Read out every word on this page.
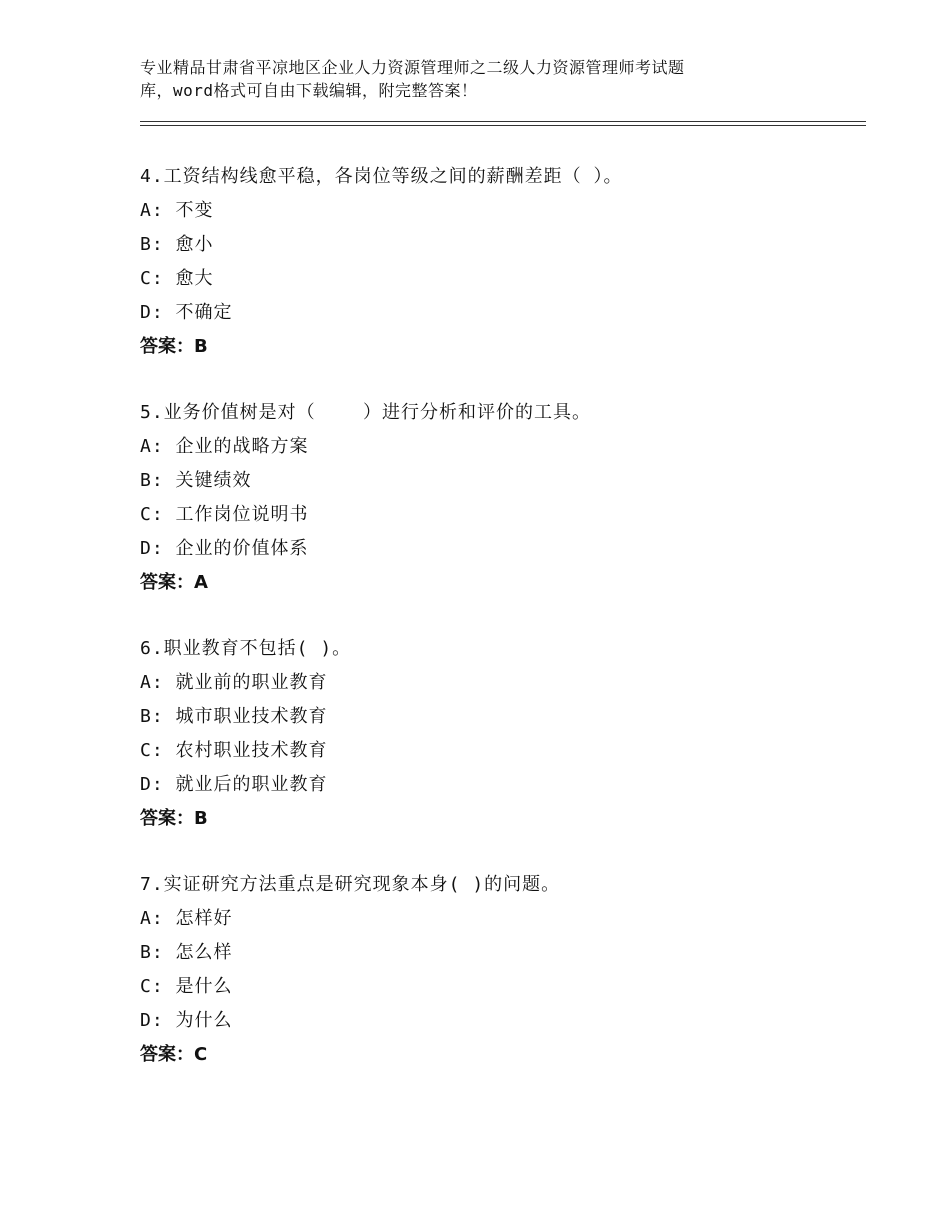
专业精品甘肃省平凉地区企业人力资源管理师之二级人力资源管理师考试题
库，word格式可自由下载编辑，附完整答案！
4.工资结构线愈平稳，各岗位等级之间的薪酬差距（ ）。
A: 不变
B: 愈小
C: 愈大
D: 不确定
答案：B
5.业务价值树是对（    ）进行分析和评价的工具。
A: 企业的战略方案
B: 关键绩效
C: 工作岗位说明书
D: 企业的价值体系
答案：A
6.职业教育不包括( )。
A: 就业前的职业教育
B: 城市职业技术教育
C: 农村职业技术教育
D: 就业后的职业教育
答案：B
7.实证研究方法重点是研究现象本身( )的问题。
A: 怎样好
B: 怎么样
C: 是什么
D: 为什么
答案：C
